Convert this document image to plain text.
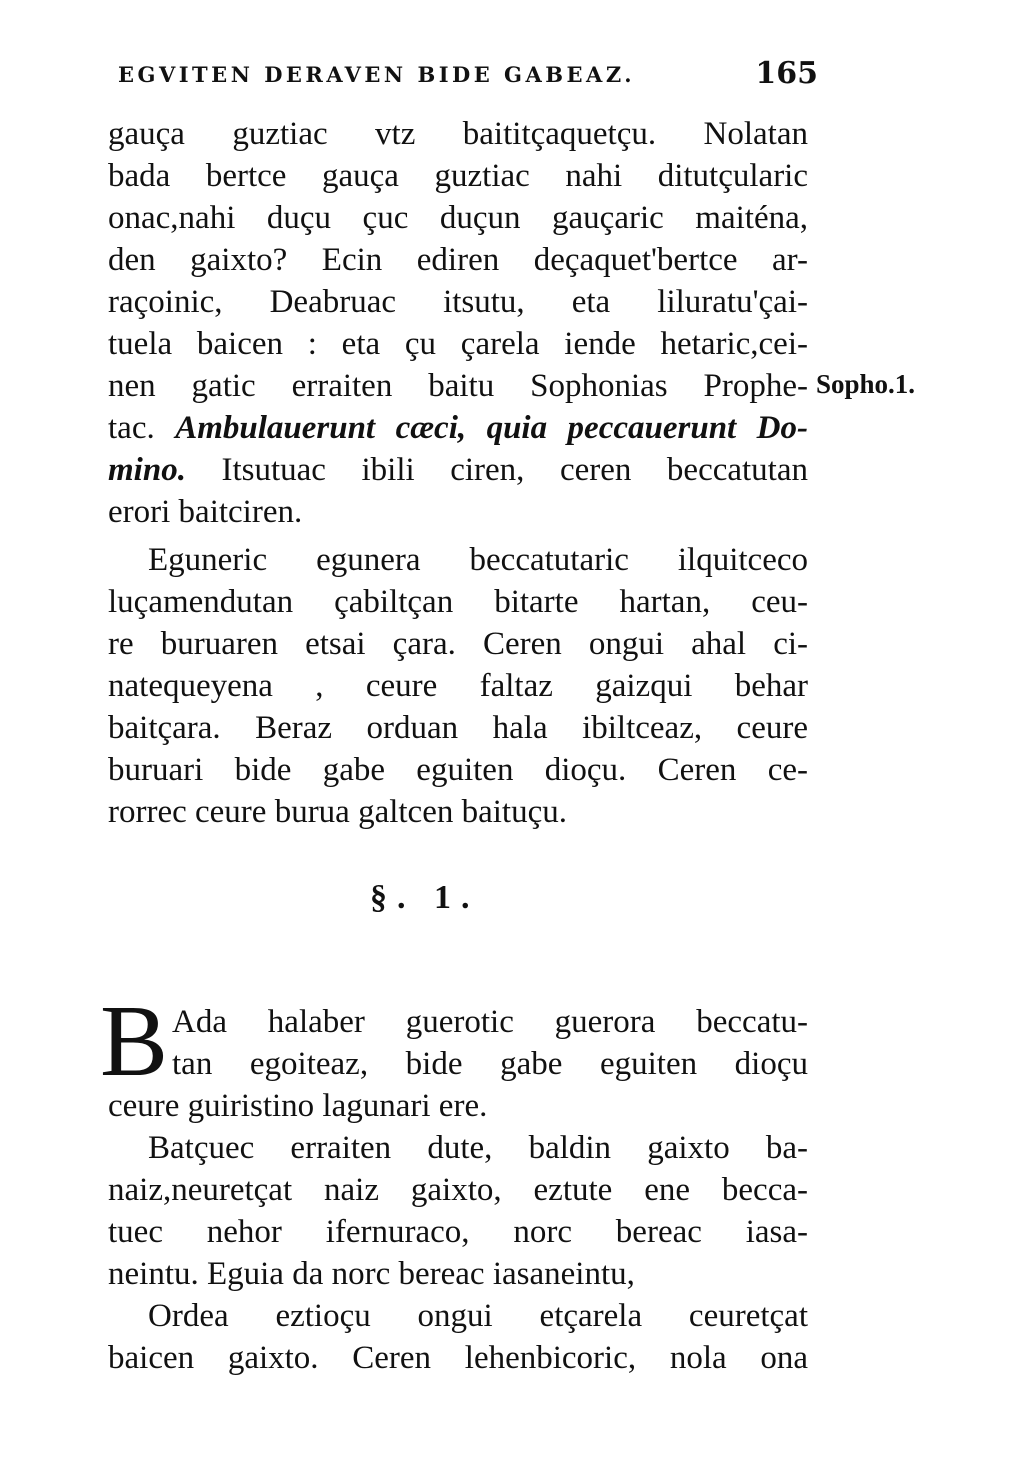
EGVITEN DERAVEN BIDE GABEAZ.	165
gauça guztiac vtz baititçaquetçu. Nolatan
bada bertce gauça guztiac nahi ditutçularic
onac,nahi duçu çuc duçun gauçaric maiténa,
den gaixto? Ecin ediren deçaquet'bertce ar-
raçoinic, Deabruac itsutu, eta liluratu'çai-
tuela baicen : eta çu çarela iende hetaric,cei-
nen gatic erraiten baitu Sophonias Prophe-
tac. Ambulauerunt cæci, quia peccauerunt Do-
mino. Itsutuac ibili ciren, ceren beccatutan
erori baitciren.
Sopho.1.
Eguneric egunera beccatutaric ilquitceco
luçamendutan çabiltçan bitarte hartan, ceu-
re buruaren etsai çara. Ceren ongui ahal ci-
natequeyena , ceure faltaz gaizqui behar
baitçara. Beraz orduan hala ibiltceaz, ceure
buruari bide gabe eguiten dioçu. Ceren ce-
rorrec ceure burua galtcen baituçu.
§. 1.
B Ada halaber guerotic guerora beccatu-
tan egoiteaz, bide gabe eguiten dioçu
ceure guiristino lagunari ere.
Batçuec erraiten dute, baldin gaixto ba-
naiz,neuretçat naiz gaixto, eztute ene becca-
tuec nehor ifernuraco, norc bereac iasa-
neintu. Eguia da norc bereac iasaneintu,
Ordea eztioçu ongui etçarela ceuretçat
baicen gaixto. Ceren lehenbicoric, nola ona
